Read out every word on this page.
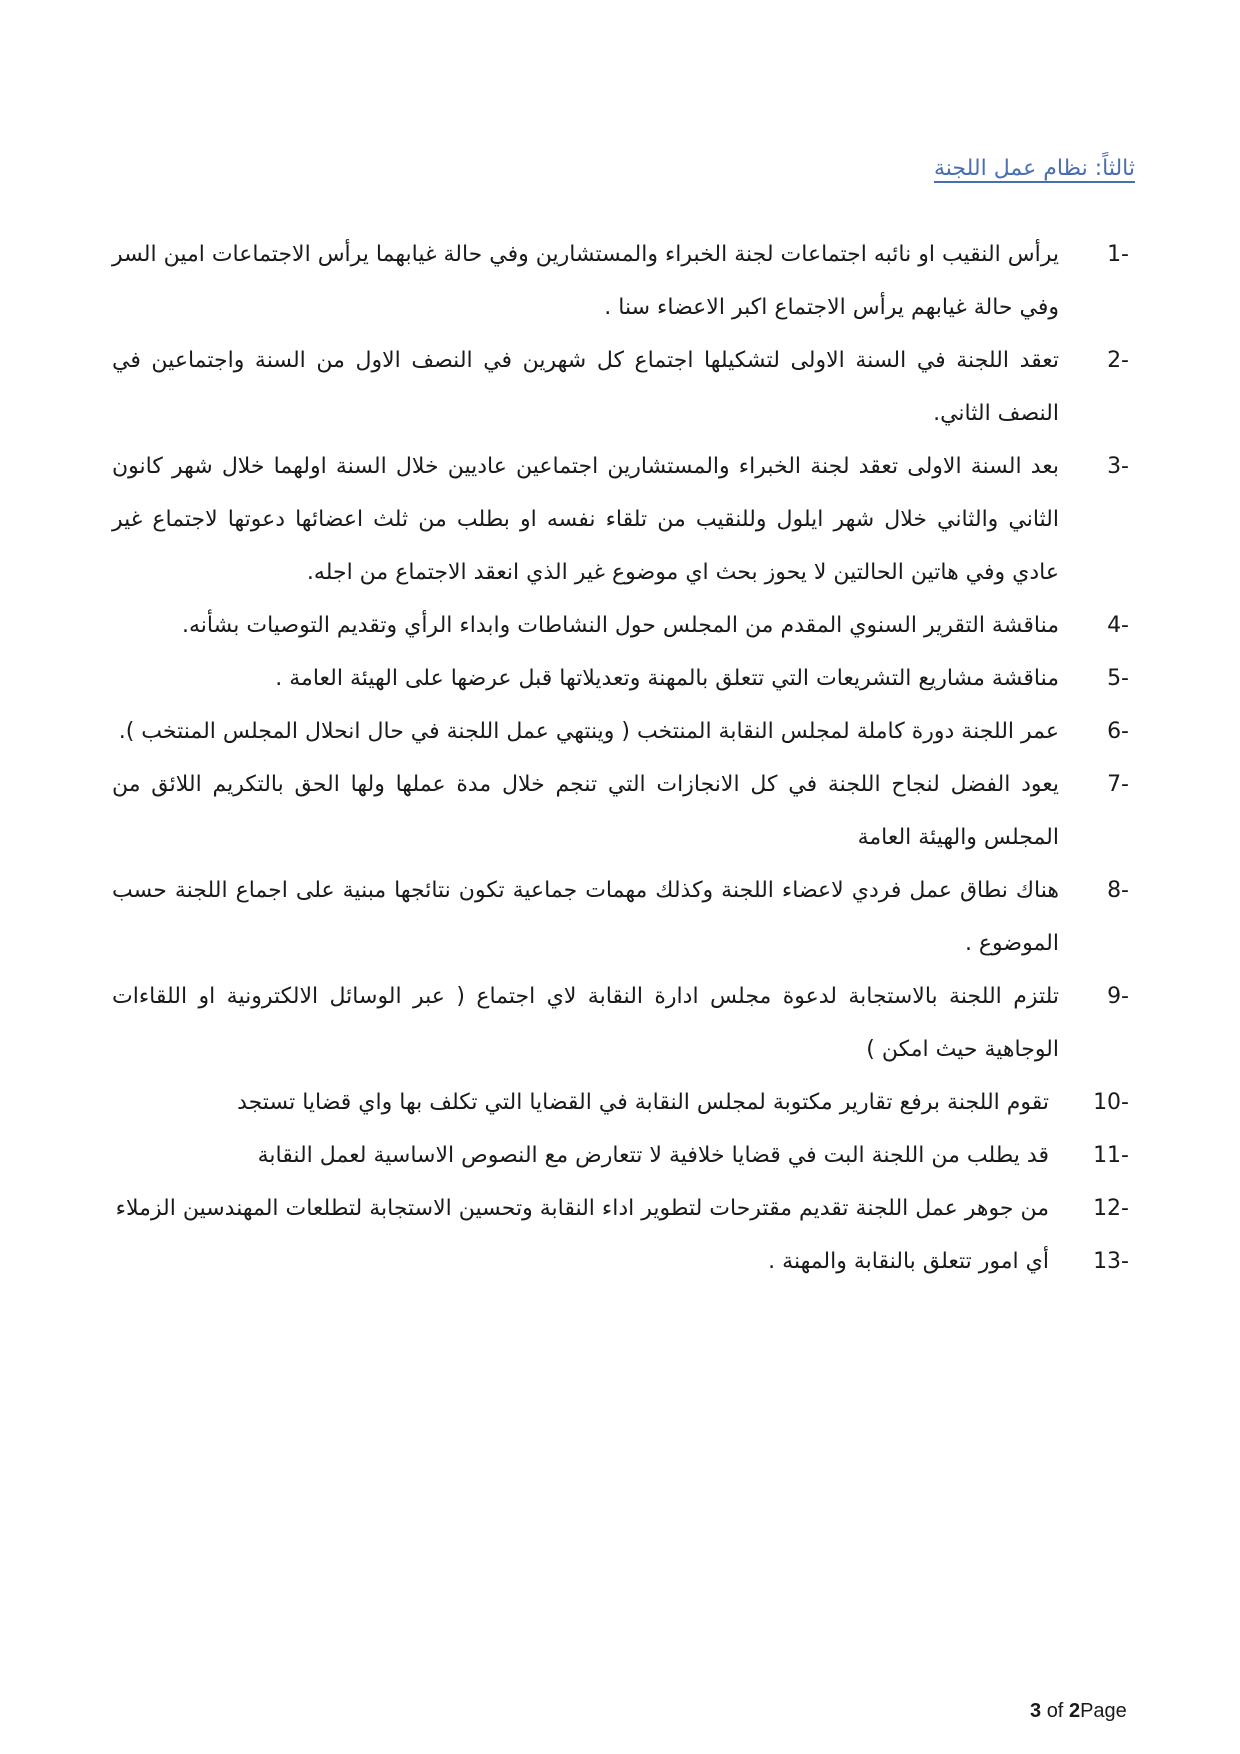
ثالثاً: نظام عمل اللجنة
1-
يرأس النقيب او نائبه اجتماعات لجنة الخبراء والمستشارين وفي حالة غيابهما يرأس الاجتماعات امين السر وفي حالة غيابهم يرأس الاجتماع اكبر الاعضاء سنا .
2-
تعقد اللجنة في السنة الاولى لتشكيلها اجتماع كل شهرين في النصف الاول من السنة واجتماعين في النصف الثاني.
3-
بعد السنة الاولى تعقد لجنة الخبراء والمستشارين اجتماعين عاديين خلال السنة اولهما خلال شهر كانون الثاني والثاني خلال شهر ايلول وللنقيب من تلقاء نفسه او بطلب من ثلث اعضائها دعوتها لاجتماع غير عادي وفي هاتين الحالتين لا يحوز بحث اي موضوع غير الذي انعقد الاجتماع من اجله.
4-
مناقشة التقرير السنوي المقدم من المجلس حول النشاطات وابداء الرأي وتقديم التوصيات بشأنه.
5-
مناقشة مشاريع التشريعات التي تتعلق بالمهنة وتعديلاتها قبل عرضها على الهيئة العامة .
6-
عمر اللجنة دورة كاملة لمجلس النقابة المنتخب ( وينتهي عمل اللجنة في حال انحلال المجلس المنتخب ).
7-
يعود الفضل لنجاح اللجنة في كل الانجازات التي تنجم خلال مدة عملها ولها الحق بالتكريم اللائق من المجلس والهيئة العامة
8-
هناك نطاق عمل فردي لاعضاء اللجنة وكذلك مهمات جماعية تكون نتائجها مبنية على اجماع اللجنة حسب الموضوع .
9-
تلتزم اللجنة بالاستجابة لدعوة مجلس ادارة النقابة لاي اجتماع ( عبر الوسائل الالكترونية او اللقاءات الوجاهية حيث امكن )
10-
تقوم اللجنة برفع تقارير مكتوبة لمجلس النقابة في القضايا التي تكلف بها واي قضايا تستجد
11-
قد يطلب من اللجنة البت في قضايا خلافية لا تتعارض مع النصوص الاساسية لعمل النقابة
12-
من جوهر عمل اللجنة تقديم مقترحات لتطوير اداء النقابة وتحسين الاستجابة لتطلعات المهندسين الزملاء
13-
أي امور تتعلق بالنقابة والمهنة .
3 of 2Page
